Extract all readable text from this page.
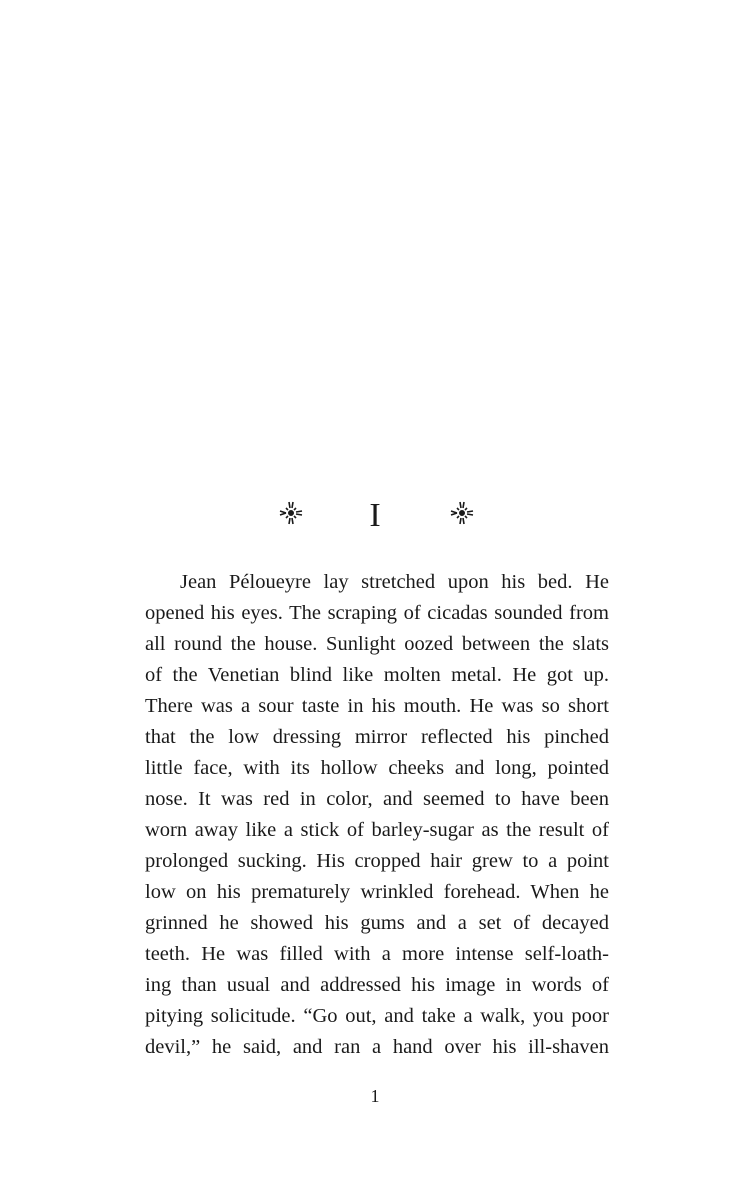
I
Jean Péloueyre lay stretched upon his bed. He
opened his eyes. The scraping of cicadas sounded from
all round the house. Sunlight oozed between the slats
of the Venetian blind like molten metal. He got up.
There was a sour taste in his mouth. He was so short
that the low dressing mirror reflected his pinched
little face, with its hollow cheeks and long, pointed
nose. It was red in color, and seemed to have been
worn away like a stick of barley-sugar as the result of
prolonged sucking. His cropped hair grew to a point
low on his prematurely wrinkled forehead. When he
grinned he showed his gums and a set of decayed
teeth. He was filled with a more intense self-loath-
ing than usual and addressed his image in words of
pitying solicitude. “Go out, and take a walk, you poor
devil,” he said, and ran a hand over his ill-shaven
1
